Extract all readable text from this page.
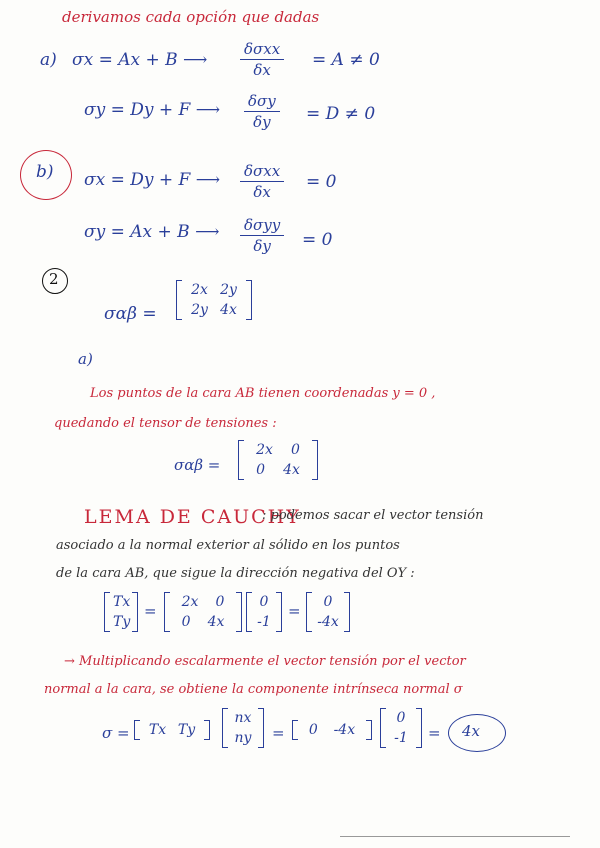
derivamos cada opción que dadas
a) σx = Ax + B ⟶
δσxx
δx	= A ≠ 0
σy = Dy + F ⟶ δσy
δy	= D ≠ 0
b) σx = Dy + F ⟶ δσxx
δx	= 0
σy = Ax + B ⟶ δσyy
δy	= 0
2
σαβ =
2x 2y
2y 4x
a)
Los puntos de la cara AB tienen coordenadas y = 0 ,
quedando el tensor de tensiones :
σαβ =
2x 0
0 4x
LEMA DE CAUCHY
: podemos sacar el vector tensión
asociado a la normal exterior al sólido en los puntos
de la cara AB, que sigue la dirección negativa del OY :
Tx
Ty
= 2x 0
0 4x
0
-1
= 0
-4x
→ Multiplicando escalarmente el vector tensión por el vector
normal a la cara, se obtiene la componente intrínseca normal σ
σ = Tx Ty
nx
ny = 0 -4x
0
-1 = 4x
